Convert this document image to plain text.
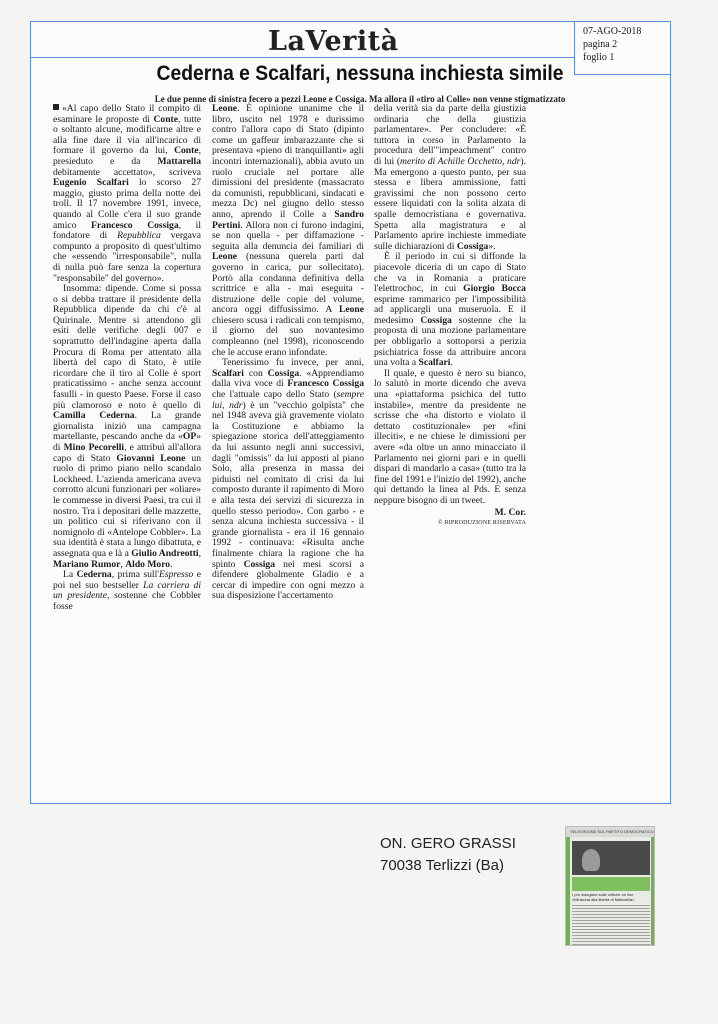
LaVerità	07-AGO-2018
pagina 2
foglio 1
Cederna e Scalfari, nessuna inchiesta simile
Le due penne di sinistra fecero a pezzi Leone e Cossiga. Ma allora il «tiro al Colle» non venne stigmatizzato

«Al capo dello Stato il compito di esaminare le proposte di Conte, tutte o soltanto alcune, modificarne altre e alla fine dare il via all'incarico di formare il governo da lui, Conte, presieduto e da Mattarella debitamente accettato», scriveva Eugenio Scalfari lo scorso 27 maggio, giusto prima della notte dei troll. Il 17 novembre 1991, invece, quando al Colle c'era il suo grande amico Francesco Cossiga, il fondatore di Repubblica vergava compunto a proposito di quest'ultimo che «essendo "irresponsabile", nulla di nulla può fare senza la copertura "responsabile" del governo».

Insomma: dipende. Come si possa o si debba trattare il presidente della Repubblica dipende da chi c'è al Quirinale. Mentre si attendono gli esiti delle verifiche degli 007 e soprattutto dell'indagine aperta dalla Procura di Roma per attentato alla libertà del capo di Stato, è utile ricordare che il tiro al Colle è sport praticatissimo - anche senza account fasulli - in questo Paese. Forse il caso più clamoroso e noto è quello di Camilla Cederna. La grande giornalista iniziò una campagna martellante, pescando anche da «OP» di Mino Pecorelli, e attribuì all'allora capo di Stato Giovanni Leone un ruolo di primo piano nello scandalo Lockheed. L'azienda americana aveva corrotto alcuni funzionari per «oliare» le commesse in diversi Paesi, tra cui il nostro. Tra i depositari delle mazzette, un politico cui si riferivano con il nomignolo di «Antelope Cobbler». La sua identità è stata a lungo dibattuta, e assegnata qua e là a Giulio Andreotti, Mariano Rumor, Aldo Moro.

La Cederna, prima sull'Espresso e poi nel suo bestseller La carriera di un presidente, sostenne che Cobbler fosse

Leone. È opinione unanime che il libro, uscito nel 1978 e durissimo contro l'allora capo di Stato (dipinto come un gaffeur imbarazzante che si presentava «pieno di tranquillanti» agli incontri internazionali), abbia avuto un ruolo cruciale nel portare alle dimissioni del presidente (massacrato da comunisti, repubblicani, sindacati e mezza Dc) nel giugno dello stesso anno, aprendo il Colle a Sandro Pertini. Allora non ci furono indagini, se non quella - per diffamazione - seguita alla denuncia dei familiari di Leone (nessuna querela parti dal governo in carica, pur sollecitato). Portò alla condanna definitiva della scrittrice e alla - mai eseguita - distruzione delle copie del volume, ancora oggi diffusissimo. A Leone chiesero scusa i radicali con tempismo, il giorno del suo novantesimo compleanno (nel 1998), riconoscendo che le accuse erano infondate.

Tenerissimo fu invece, per anni, Scalfari con Cossiga. «Apprendiamo dalla viva voce di Francesco Cossiga che l'attuale capo dello Stato (sempre lui, ndr) è un "vecchio golpista" che nel 1948 aveva già gravemente violato la Costituzione e abbiamo la spiegazione storica dell'atteggiamento da lui assunto negli anni successivi, dagli "omissis" da lui apposti al piano Solo, alla presenza in massa dei piduisti nel comitato di crisi da lui composto durante il rapimento di Moro e alla testa dei servizi di sicurezza in quello stesso periodo». Con garbo - e senza alcuna inchiesta successiva - il grande giornalista - era il 16 gennaio 1992 - continuava: «Risulta anche finalmente chiara la ragione che ha spinto Cossiga nei mesi scorsi a difendere globalmente Gladio e a cercar di impedire con ogni mezzo a sua disposizione l'accertamento

della verità sia da parte della giustizia ordinaria che della giustizia parlamentare». Per concludere: «È tuttora in corso in Parlamento la procedura dell'"impeachment" contro di lui (merito di Achille Occhetto, ndr). Ma emergono a questo punto, per sua stessa e libera ammissione, fatti gravissimi che non possono certo essere liquidati con la solita alzata di spalle democristiana e governativa. Spetta alla magistratura e al Parlamento aprire inchieste immediate sulle dichiarazioni di Cossiga».

È il periodo in cui si diffonde la piacevole diceria di un capo di Stato che va in Romania a praticare l'elettrochoc, in cui Giorgio Bocca esprime rammarico per l'impossibilità ad applicargli una museruola. E il medesimo Cossiga sostenne che la proposta di una mozione parlamentare per obbligarlo a sottoporsi a perizia psichiatrica fosse da attribuire ancora una volta a Scalfari.

Il quale, e questo è nero su bianco, lo salutò in morte dicendo che aveva una «piattaforma psichica del tutto instabile», mentre da presidente ne scrisse che «ha distorto e violato il dettato costituzionale» per «fini illeciti», e ne chiese le dimissioni per avere «da oltre un anno minacciato il Parlamento nei giorni pari e in quelli dispari di mandarlo a casa» (tutto tra la fine del 1991 e l'inizio del 1992), anche qui dettando la linea al Pds. E senza neppure bisogno di un tweet.

M. Cor.
© RIPRODUZIONE RISERVATA
ON. GERO GRASSI
70038 Terlizzi (Ba)
TELEVISIONE SUL PARTITO DEMOCRATICO
I pm indagano sulle critiche on line «Minaccia alla libertà di Mattarella»
